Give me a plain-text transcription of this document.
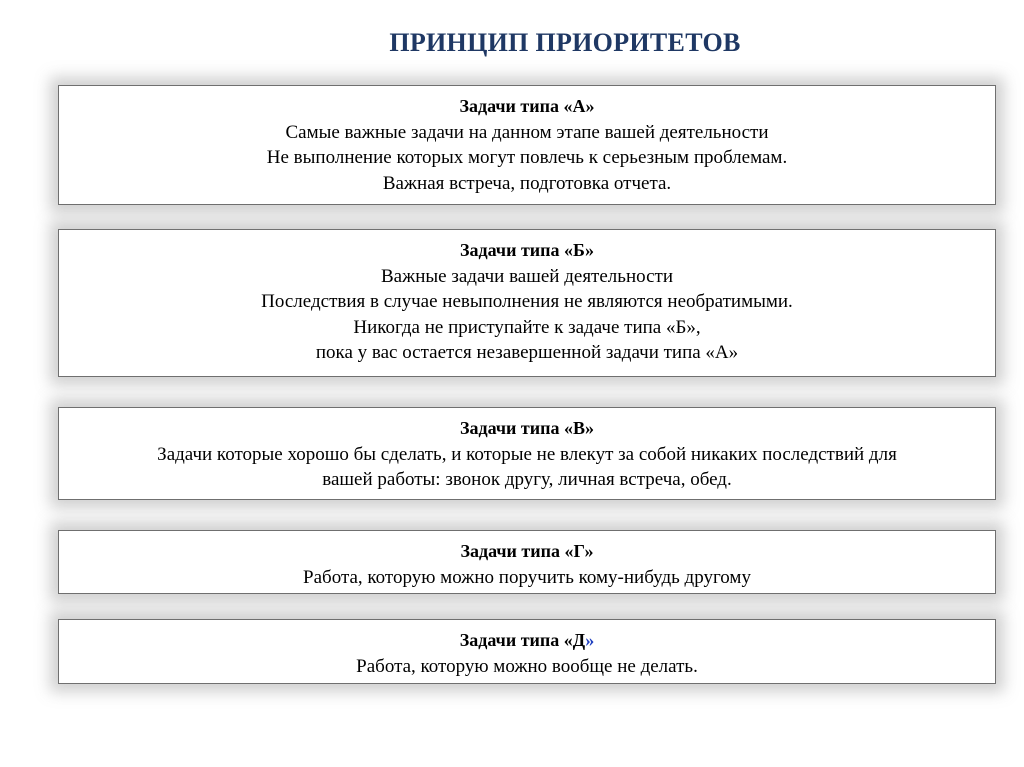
ПРИНЦИП ПРИОРИТЕТОВ
Задачи типа «А»
Самые важные задачи на данном этапе вашей деятельности
Не выполнение которых могут повлечь к серьезным проблемам.
Важная встреча, подготовка отчета.
Задачи типа «Б»
Важные задачи вашей деятельности
Последствия в случае невыполнения не являются необратимыми.
Никогда не приступайте к задаче типа «Б»,
пока у вас остается незавершенной задачи типа «А»
Задачи типа «В»
Задачи которые хорошо бы сделать, и которые не влекут за собой никаких последствий для
вашей работы: звонок другу, личная встреча, обед.
Задачи типа «Г»
Работа, которую можно поручить кому-нибудь другому
Задачи типа «Д»
Работа, которую можно вообще не делать.
